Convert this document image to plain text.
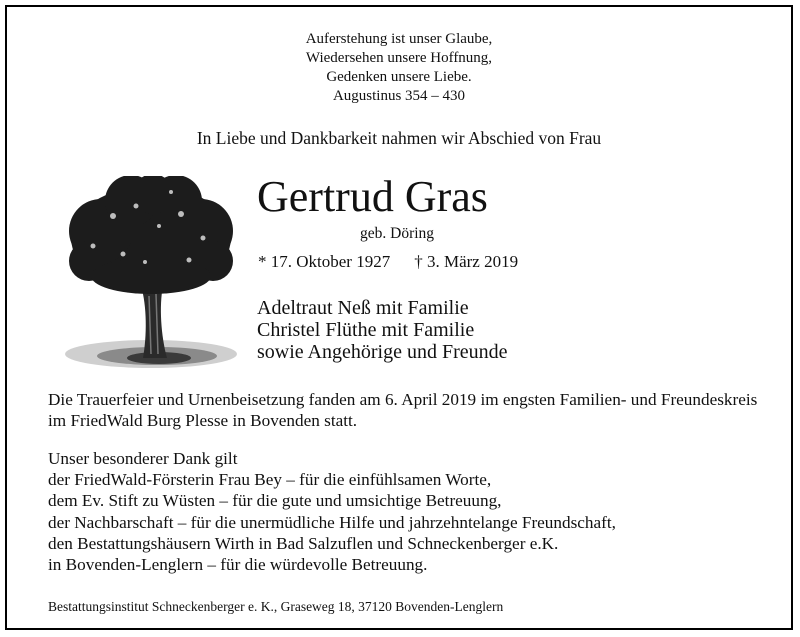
Auferstehung ist unser Glaube,
Wiedersehen unsere Hoffnung,
Gedenken unsere Liebe.
Augustinus 354 – 430
In Liebe und Dankbarkeit nahmen wir Abschied von Frau
Gertrud Gras
geb. Döring
* 17. Oktober 1927 † 3. März 2019
Adeltraut Neß mit Familie
Christel Flüthe mit Familie
sowie Angehörige und Freunde
Die Trauerfeier und Urnenbeisetzung fanden am 6. April 2019 im engsten Familien- und Freundeskreis im FriedWald Burg Plesse in Bovenden statt.
Unser besonderer Dank gilt
der FriedWald-Försterin Frau Bey – für die einfühlsamen Worte,
dem Ev. Stift zu Wüsten – für die gute und umsichtige Betreuung,
der Nachbarschaft – für die unermüdliche Hilfe und jahrzehntelange Freundschaft,
den Bestattungshäusern Wirth in Bad Salzuflen und Schneckenberger e.K.
in Bovenden-Lenglern – für die würdevolle Betreuung.
Bestattungsinstitut Schneckenberger e. K., Graseweg 18, 37120 Bovenden-Lenglern
